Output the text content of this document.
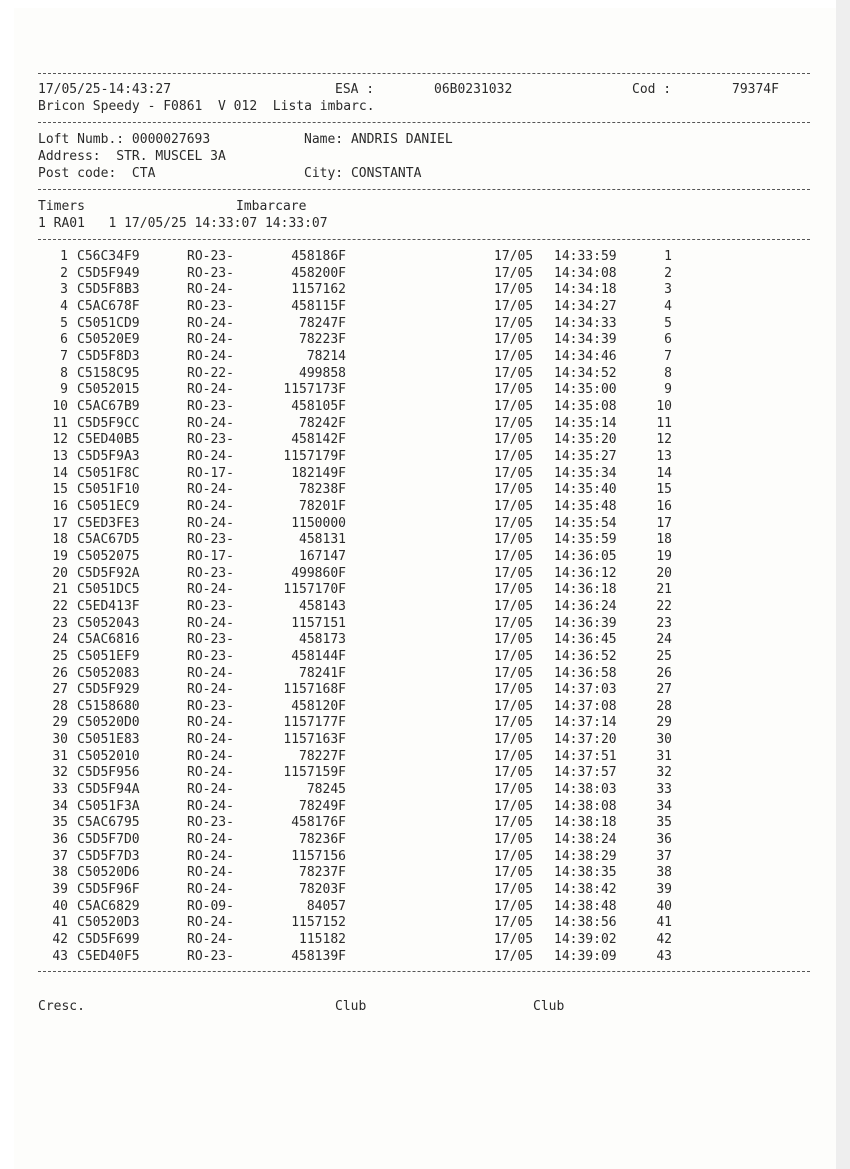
17/05/25-14:43:27	ESA :	06B0231032	Cod :	79374F
Bricon Speedy - F0861  V 012  Lista imbarc.
Loft Numb.: 0000027693	Name: ANDRIS DANIEL
Address:  STR. MUSCEL 3A
Post code:  CTA	City: CONSTANTA
Timers	Imbarcare
1 RA01   1 17/05/25 14:33:07 14:33:07
1 C56C34F9	RO-23-	458186F	17/05	14:33:59	1
2 C5D5F949	RO-23-	458200F	17/05	14:34:08	2
3 C5D5F8B3	RO-24-	1157162	17/05	14:34:18	3
4 C5AC678F	RO-23-	458115F	17/05	14:34:27	4
5 C5051CD9	RO-24-	78247F	17/05	14:34:33	5
6 C50520E9	RO-24-	78223F	17/05	14:34:39	6
7 C5D5F8D3	RO-24-	78214	17/05	14:34:46	7
8 C5158C95	RO-22-	499858	17/05	14:34:52	8
9 C5052015	RO-24-	1157173F	17/05	14:35:00	9
10 C5AC67B9	RO-23-	458105F	17/05	14:35:08	10
11 C5D5F9CC	RO-24-	78242F	17/05	14:35:14	11
12 C5ED40B5	RO-23-	458142F	17/05	14:35:20	12
13 C5D5F9A3	RO-24-	1157179F	17/05	14:35:27	13
14 C5051F8C	RO-17-	182149F	17/05	14:35:34	14
15 C5051F10	RO-24-	78238F	17/05	14:35:40	15
16 C5051EC9	RO-24-	78201F	17/05	14:35:48	16
17 C5ED3FE3	RO-24-	1150000	17/05	14:35:54	17
18 C5AC67D5	RO-23-	458131	17/05	14:35:59	18
19 C5052075	RO-17-	167147	17/05	14:36:05	19
20 C5D5F92A	RO-23-	499860F	17/05	14:36:12	20
21 C5051DC5	RO-24-	1157170F	17/05	14:36:18	21
22 C5ED413F	RO-23-	458143	17/05	14:36:24	22
23 C5052043	RO-24-	1157151	17/05	14:36:39	23
24 C5AC6816	RO-23-	458173	17/05	14:36:45	24
25 C5051EF9	RO-23-	458144F	17/05	14:36:52	25
26 C5052083	RO-24-	78241F	17/05	14:36:58	26
27 C5D5F929	RO-24-	1157168F	17/05	14:37:03	27
28 C5158680	RO-23-	458120F	17/05	14:37:08	28
29 C50520D0	RO-24-	1157177F	17/05	14:37:14	29
30 C5051E83	RO-24-	1157163F	17/05	14:37:20	30
31 C5052010	RO-24-	78227F	17/05	14:37:51	31
32 C5D5F956	RO-24-	1157159F	17/05	14:37:57	32
33 C5D5F94A	RO-24-	78245	17/05	14:38:03	33
34 C5051F3A	RO-24-	78249F	17/05	14:38:08	34
35 C5AC6795	RO-23-	458176F	17/05	14:38:18	35
36 C5D5F7D0	RO-24-	78236F	17/05	14:38:24	36
37 C5D5F7D3	RO-24-	1157156	17/05	14:38:29	37
38 C50520D6	RO-24-	78237F	17/05	14:38:35	38
39 C5D5F96F	RO-24-	78203F	17/05	14:38:42	39
40 C5AC6829	RO-09-	84057	17/05	14:38:48	40
41 C50520D3	RO-24-	1157152	17/05	14:38:56	41
42 C5D5F699	RO-24-	115182	17/05	14:39:02	42
43 C5ED40F5	RO-23-	458139F	17/05	14:39:09	43
Cresc.	Club	Club
